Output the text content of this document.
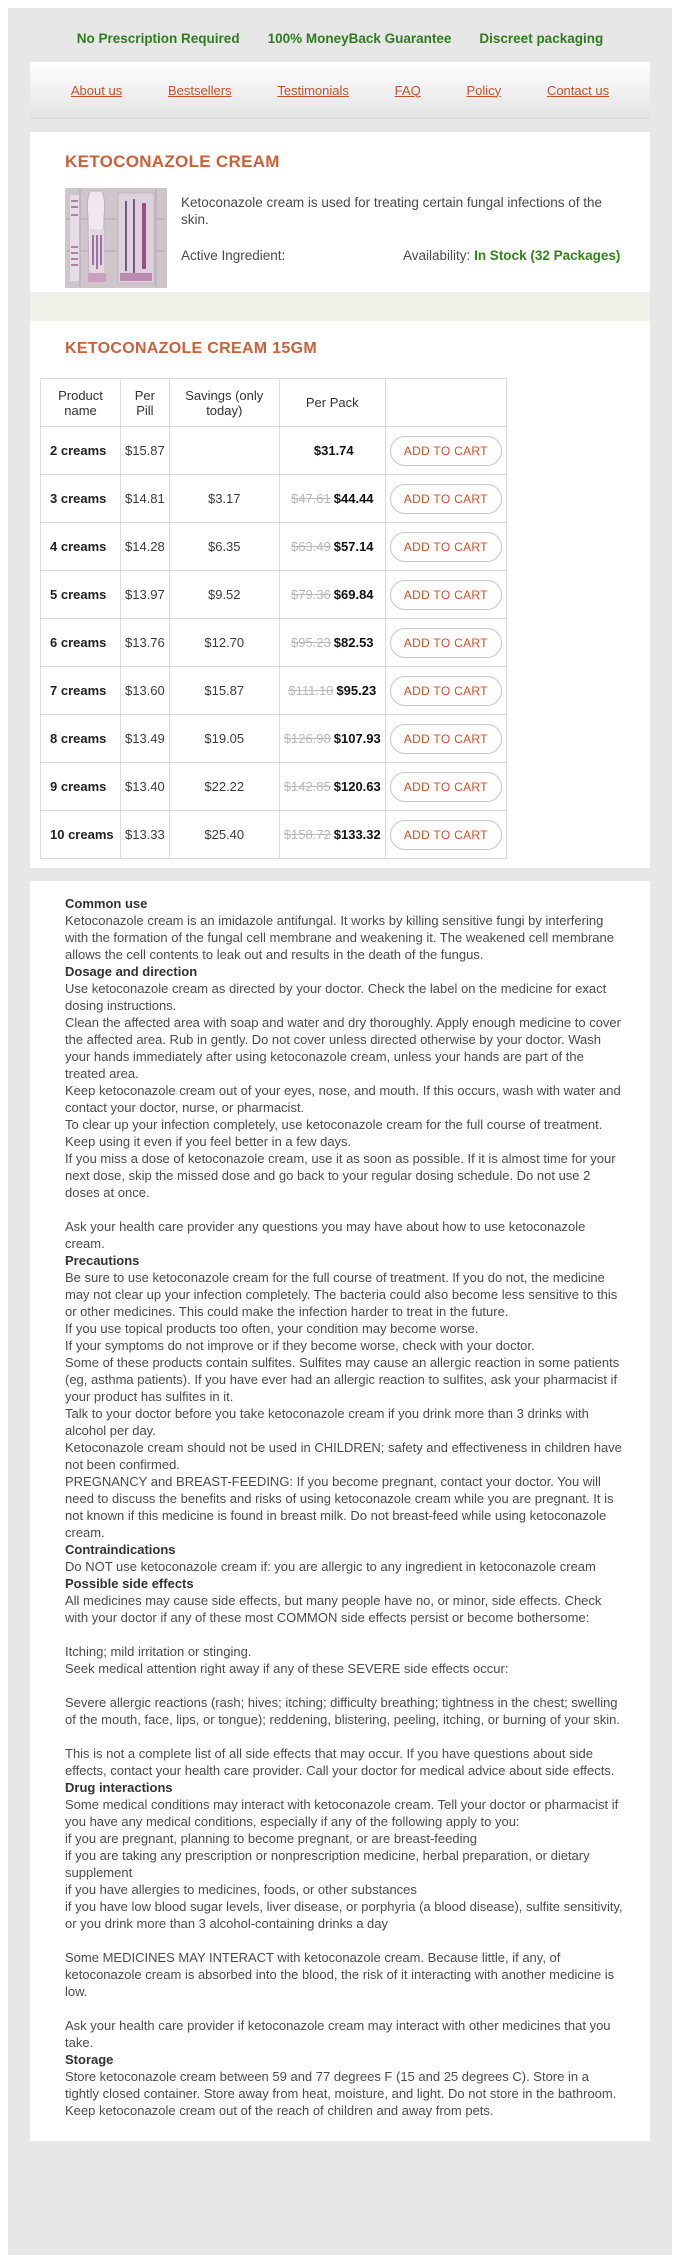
No Prescription Required 100% MoneyBack Guarantee Discreet packaging
About us	Bestsellers	Testimonials	FAQ	Policy	Contact us
KETOCONAZOLE CREAM

Ketoconazole cream is used for treating certain fungal infections of the skin.

Active Ingredient:	Availability: In Stock (32 Packages)
KETOCONAZOLE CREAM 15GM
Product name	Per Pill	Savings (only today)	Per Pack	
2 creams	$15.87		$31.74	ADD TO CART
3 creams	$14.81	$3.17	$47.61 $44.44	ADD TO CART
4 creams	$14.28	$6.35	$63.49 $57.14	ADD TO CART
5 creams	$13.97	$9.52	$79.36 $69.84	ADD TO CART
6 creams	$13.76	$12.70	$95.23 $82.53	ADD TO CART
7 creams	$13.60	$15.87	$111.10 $95.23	ADD TO CART
8 creams	$13.49	$19.05	$126.98 $107.93	ADD TO CART
9 creams	$13.40	$22.22	$142.85 $120.63	ADD TO CART
10 creams	$13.33	$25.40	$158.72 $133.32	ADD TO CART
Common use
Ketoconazole cream is an imidazole antifungal. It works by killing sensitive fungi by interfering with the formation of the fungal cell membrane and weakening it. The weakened cell membrane allows the cell contents to leak out and results in the death of the fungus.
Dosage and direction
Use ketoconazole cream as directed by your doctor. Check the label on the medicine for exact dosing instructions.
Clean the affected area with soap and water and dry thoroughly. Apply enough medicine to cover the affected area. Rub in gently. Do not cover unless directed otherwise by your doctor. Wash your hands immediately after using ketoconazole cream, unless your hands are part of the treated area.
Keep ketoconazole cream out of your eyes, nose, and mouth. If this occurs, wash with water and contact your doctor, nurse, or pharmacist.
To clear up your infection completely, use ketoconazole cream for the full course of treatment. Keep using it even if you feel better in a few days.
If you miss a dose of ketoconazole cream, use it as soon as possible. If it is almost time for your next dose, skip the missed dose and go back to your regular dosing schedule. Do not use 2 doses at once.
Ask your health care provider any questions you may have about how to use ketoconazole cream.
Precautions
Be sure to use ketoconazole cream for the full course of treatment. If you do not, the medicine may not clear up your infection completely. The bacteria could also become less sensitive to this or other medicines. This could make the infection harder to treat in the future.
If you use topical products too often, your condition may become worse.
If your symptoms do not improve or if they become worse, check with your doctor.
Some of these products contain sulfites. Sulfites may cause an allergic reaction in some patients (eg, asthma patients). If you have ever had an allergic reaction to sulfites, ask your pharmacist if your product has sulfites in it.
Talk to your doctor before you take ketoconazole cream if you drink more than 3 drinks with alcohol per day.
Ketoconazole cream should not be used in CHILDREN; safety and effectiveness in children have not been confirmed.
PREGNANCY and BREAST-FEEDING: If you become pregnant, contact your doctor. You will need to discuss the benefits and risks of using ketoconazole cream while you are pregnant. It is not known if this medicine is found in breast milk. Do not breast-feed while using ketoconazole cream.
Contraindications
Do NOT use ketoconazole cream if: you are allergic to any ingredient in ketoconazole cream
Possible side effects
All medicines may cause side effects, but many people have no, or minor, side effects. Check with your doctor if any of these most COMMON side effects persist or become bothersome:
Itching; mild irritation or stinging.
Seek medical attention right away if any of these SEVERE side effects occur:
Severe allergic reactions (rash; hives; itching; difficulty breathing; tightness in the chest; swelling of the mouth, face, lips, or tongue); reddening, blistering, peeling, itching, or burning of your skin.
This is not a complete list of all side effects that may occur. If you have questions about side effects, contact your health care provider. Call your doctor for medical advice about side effects.
Drug interactions
Some medical conditions may interact with ketoconazole cream. Tell your doctor or pharmacist if you have any medical conditions, especially if any of the following apply to you:
if you are pregnant, planning to become pregnant, or are breast-feeding
if you are taking any prescription or nonprescription medicine, herbal preparation, or dietary supplement
if you have allergies to medicines, foods, or other substances
if you have low blood sugar levels, liver disease, or porphyria (a blood disease), sulfite sensitivity, or you drink more than 3 alcohol-containing drinks a day
Some MEDICINES MAY INTERACT with ketoconazole cream. Because little, if any, of ketoconazole cream is absorbed into the blood, the risk of it interacting with another medicine is low.
Ask your health care provider if ketoconazole cream may interact with other medicines that you take.
Storage
Store ketoconazole cream between 59 and 77 degrees F (15 and 25 degrees C). Store in a tightly closed container. Store away from heat, moisture, and light. Do not store in the bathroom. Keep ketoconazole cream out of the reach of children and away from pets.
